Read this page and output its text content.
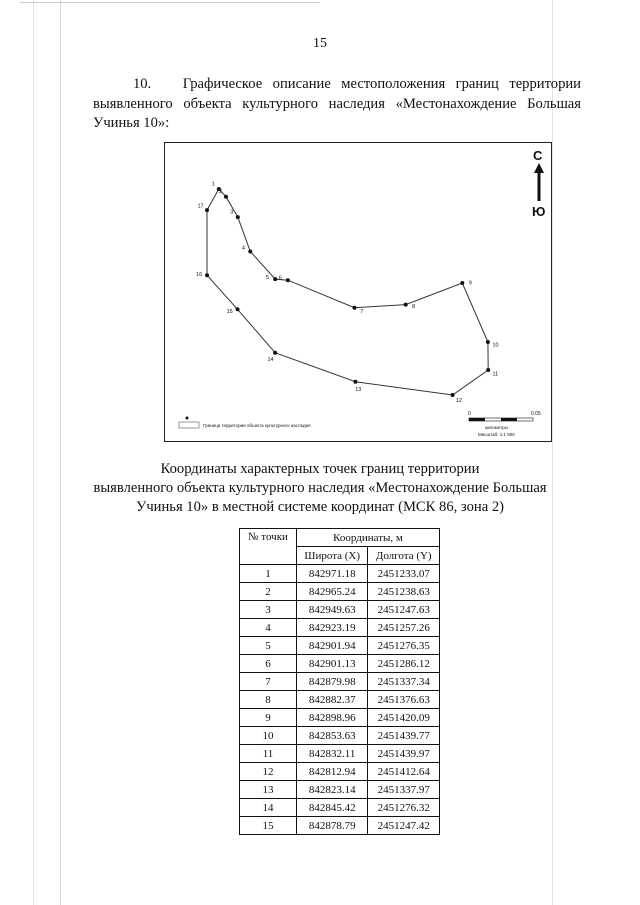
15

10. Графическое описание местоположения границ территории выявленного объекта культурного наследия «Местонахождение Большая Учинья 10»:

1
2
3
4
5 6
7
8
9
10
11
12
13
14
15
16
17
С
Ю
Граница территории объекта культурного наследия
0	0.05
километры
Масштаб: 1:1 500

Координаты характерных точек границ территории
выявленного объекта культурного наследия «Местонахождение Большая
Учинья 10» в местной системе координат (МСК 86, зона 2)

№ точки	Координаты, м	
	Широта (X)	Долгота (Y)
1	842971.18	2451233.07
2	842965.24	2451238.63
3	842949.63	2451247.63
4	842923.19	2451257.26
5	842901.94	2451276.35
6	842901.13	2451286.12
7	842879.98	2451337.34
8	842882.37	2451376.63
9	842898.96	2451420.09
10	842853.63	2451439.77
11	842832.11	2451439.97
12	842812.94	2451412.64
13	842823.14	2451337.97
14	842845.42	2451276.32
15	842878.79	2451247.42
